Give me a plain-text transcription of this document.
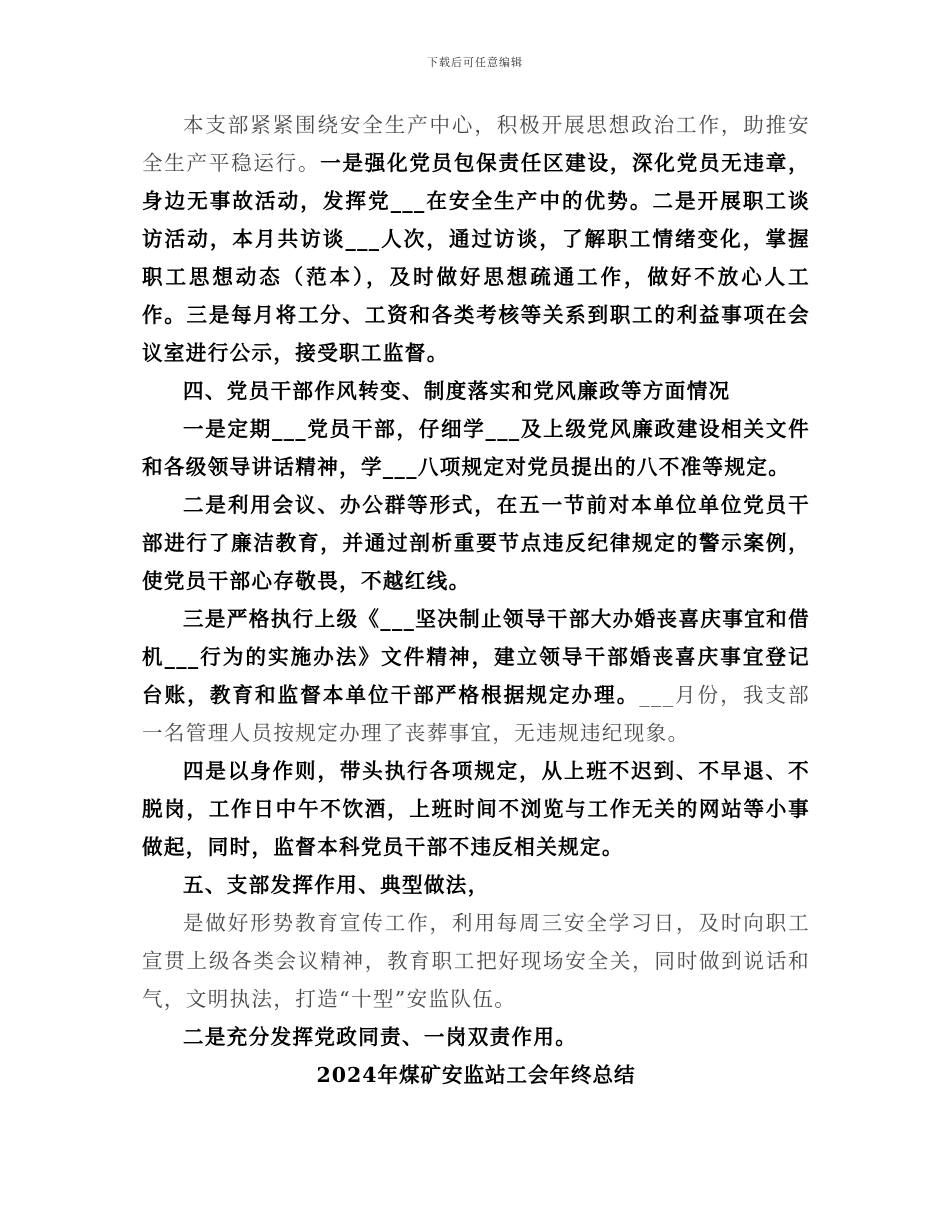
下载后可任意编辑

本支部紧紧围绕安全生产中心，积极开展思想政治工作，助推安全生产平稳运行。一是强化党员包保责任区建设，深化党员无违章，身边无事故活动，发挥党___在安全生产中的优势。二是开展职工谈访活动，本月共访谈___人次，通过访谈，了解职工情绪变化，掌握职工思想动态（范本），及时做好思想疏通工作，做好不放心人工作。三是每月将工分、工资和各类考核等关系到职工的利益事项在会议室进行公示，接受职工监督。

四、党员干部作风转变、制度落实和党风廉政等方面情况

一是定期___党员干部，仔细学___及上级党风廉政建设相关文件和各级领导讲话精神，学___八项规定对党员提出的八不准等规定。

二是利用会议、办公群等形式，在五一节前对本单位单位党员干部进行了廉洁教育，并通过剖析重要节点违反纪律规定的警示案例，使党员干部心存敬畏，不越红线。

三是严格执行上级《___坚决制止领导干部大办婚丧喜庆事宜和借机___行为的实施办法》文件精神，建立领导干部婚丧喜庆事宜登记台账，教育和监督本单位干部严格根据规定办理。___月份，我支部一名管理人员按规定办理了丧葬事宜，无违规违纪现象。

四是以身作则，带头执行各项规定，从上班不迟到、不早退、不脱岗，工作日中午不饮酒，上班时间不浏览与工作无关的网站等小事做起，同时，监督本科党员干部不违反相关规定。

五、支部发挥作用、典型做法，

是做好形势教育宣传工作，利用每周三安全学习日，及时向职工宣贯上级各类会议精神，教育职工把好现场安全关，同时做到说话和气，文明执法，打造“十型”安监队伍。

二是充分发挥党政同责、一岗双责作用。

2024年煤矿安监站工会年终总结
